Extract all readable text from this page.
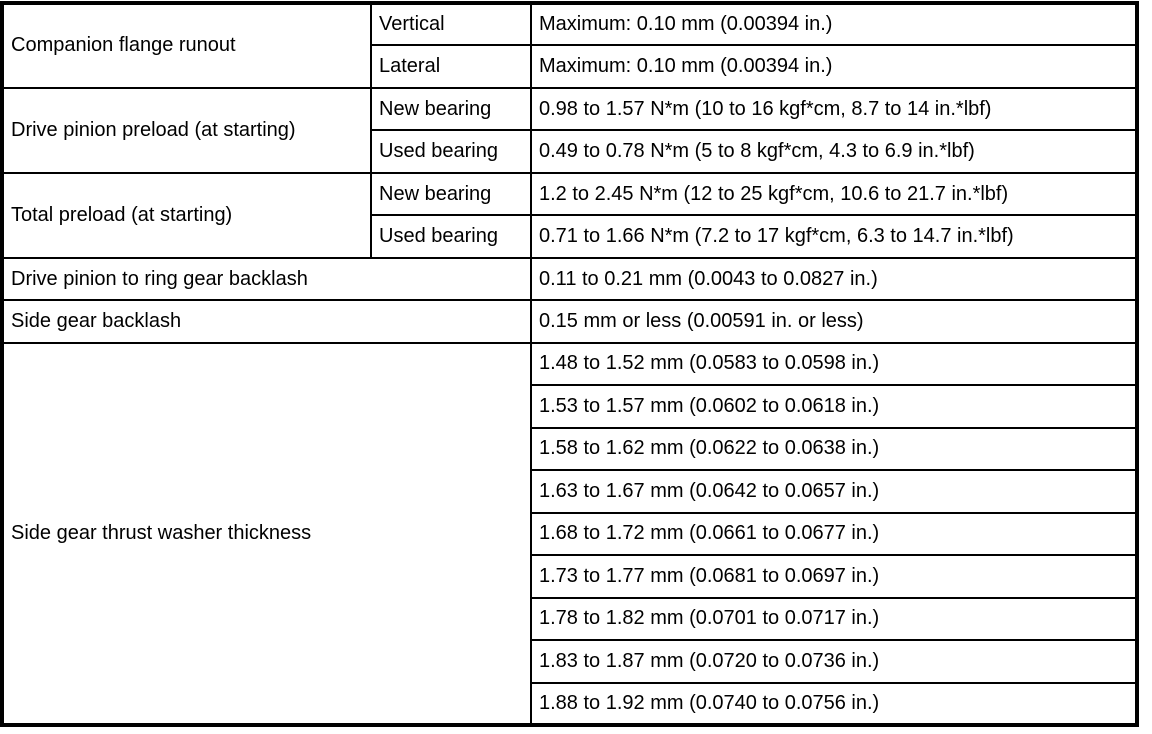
Companion flange runout	Vertical	Maximum: 0.10 mm (0.00394 in.)
	Lateral	Maximum: 0.10 mm (0.00394 in.)
Drive pinion preload (at starting)	New bearing	0.98 to 1.57 N*m (10 to 16 kgf*cm, 8.7 to 14 in.*lbf)
	Used bearing	0.49 to 0.78 N*m (5 to 8 kgf*cm, 4.3 to 6.9 in.*lbf)
Total preload (at starting)	New bearing	1.2 to 2.45 N*m (12 to 25 kgf*cm, 10.6 to 21.7 in.*lbf)
	Used bearing	0.71 to 1.66 N*m (7.2 to 17 kgf*cm, 6.3 to 14.7 in.*lbf)
Drive pinion to ring gear backlash		0.11 to 0.21 mm (0.0043 to 0.0827 in.)
Side gear backlash		0.15 mm or less (0.00591 in. or less)
Side gear thrust washer thickness		1.48 to 1.52 mm (0.0583 to 0.0598 in.)
		1.53 to 1.57 mm (0.0602 to 0.0618 in.)
		1.58 to 1.62 mm (0.0622 to 0.0638 in.)
		1.63 to 1.67 mm (0.0642 to 0.0657 in.)
		1.68 to 1.72 mm (0.0661 to 0.0677 in.)
		1.73 to 1.77 mm (0.0681 to 0.0697 in.)
		1.78 to 1.82 mm (0.0701 to 0.0717 in.)
		1.83 to 1.87 mm (0.0720 to 0.0736 in.)
		1.88 to 1.92 mm (0.0740 to 0.0756 in.)
